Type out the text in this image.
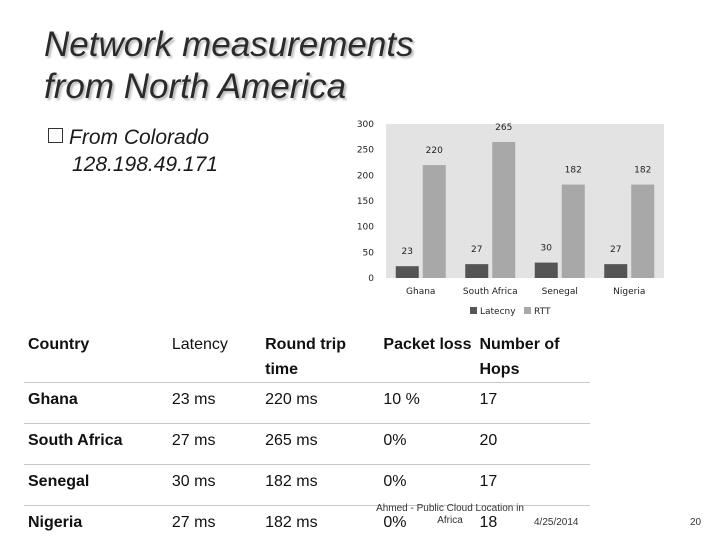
Network measurements
from North America
From Colorado
128.198.49.171
0
50
100
150
200
250
300
23
220
Ghana
27
265
South Africa
30
182
Senegal
27
182
Nigeria
Latecny RTT
Country	Latency	Round trip time	Packet loss	Number of Hops
Ghana	23 ms	220 ms	10 %	17
South Africa	27 ms	265 ms	0%	20
Senegal	30 ms	182 ms	0%	17
Nigeria	27 ms	182 ms	0%	18
Ahmed - Public Cloud Location in
Africa	4/25/2014	20
